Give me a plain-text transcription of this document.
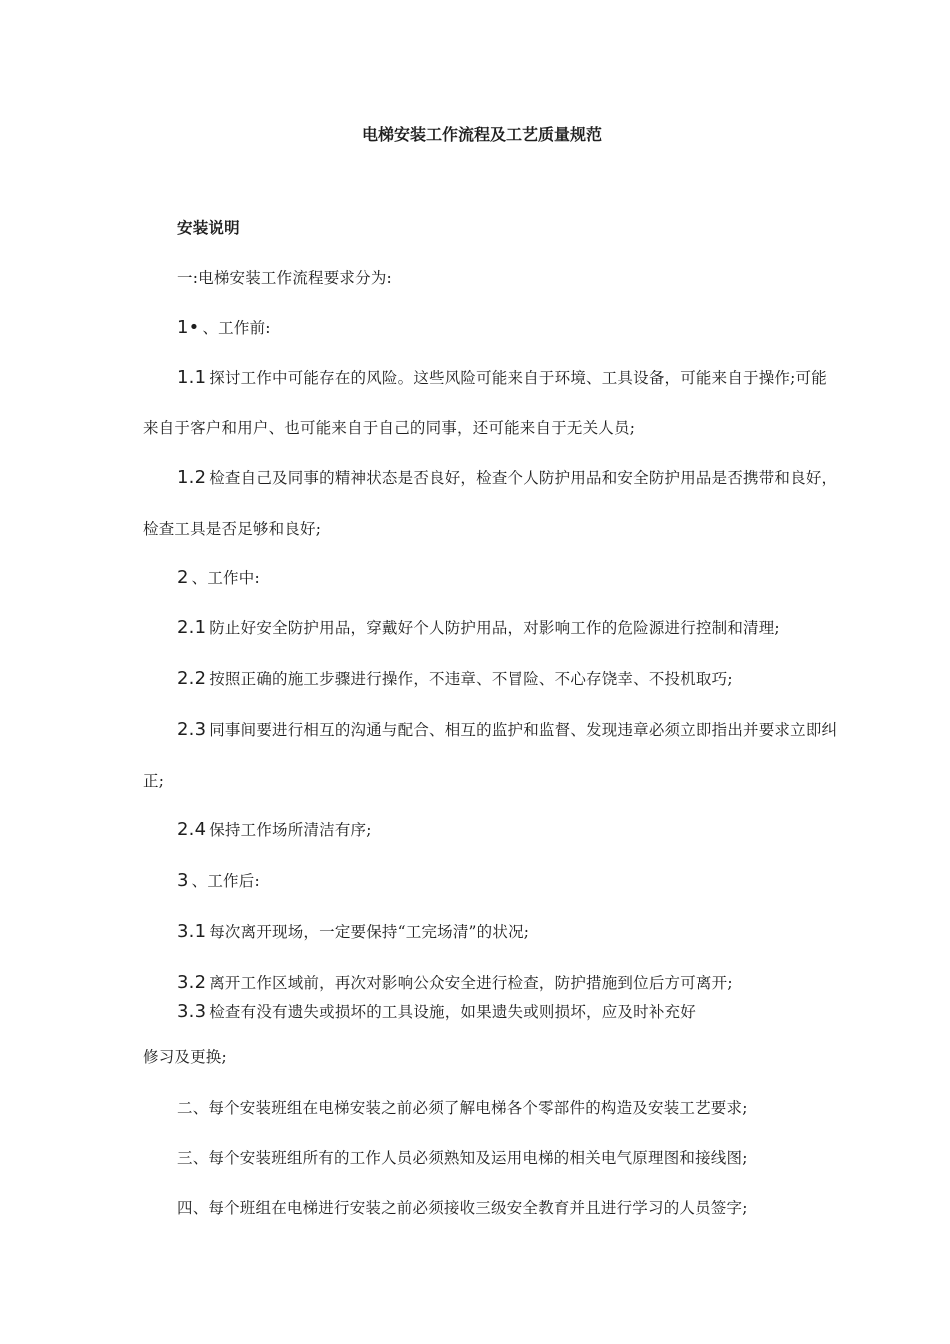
电梯安装工作流程及工艺质量规范
安装说明
一:电梯安装工作流程要求分为:
1• 、工作前:
1.1 探讨工作中可能存在的风险。这些风险可能来自于环境、工具设备，可能来自于操作;可能
来自于客户和用户、也可能来自于自己的同事，还可能来自于无关人员;
1.2 检查自己及同事的精神状态是否良好，检查个人防护用品和安全防护用品是否携带和良好，
检查工具是否足够和良好;
2 、工作中:
2.1 防止好安全防护用品，穿戴好个人防护用品，对影响工作的危险源进行控制和清理;
2.2 按照正确的施工步骤进行操作，不违章、不冒险、不心存饶幸、不投机取巧;
2.3 同事间要进行相互的沟通与配合、相互的监护和监督、发现违章必须立即指出并要求立即纠
正;
2.4 保持工作场所清洁有序;
3 、工作后:
3.1 每次离开现场，一定要保持“工完场清”的状况;
3.2 离开工作区域前，再次对影响公众安全进行检查，防护措施到位后方可离开;
3.3 检查有没有遗失或损坏的工具设施，如果遗失或则损坏，应及时补充好
修习及更换;
二、每个安装班组在电梯安装之前必须了解电梯各个零部件的构造及安装工艺要求;
三、每个安装班组所有的工作人员必须熟知及运用电梯的相关电气原理图和接线图;
四、每个班组在电梯进行安装之前必须接收三级安全教育并且进行学习的人员签字;
